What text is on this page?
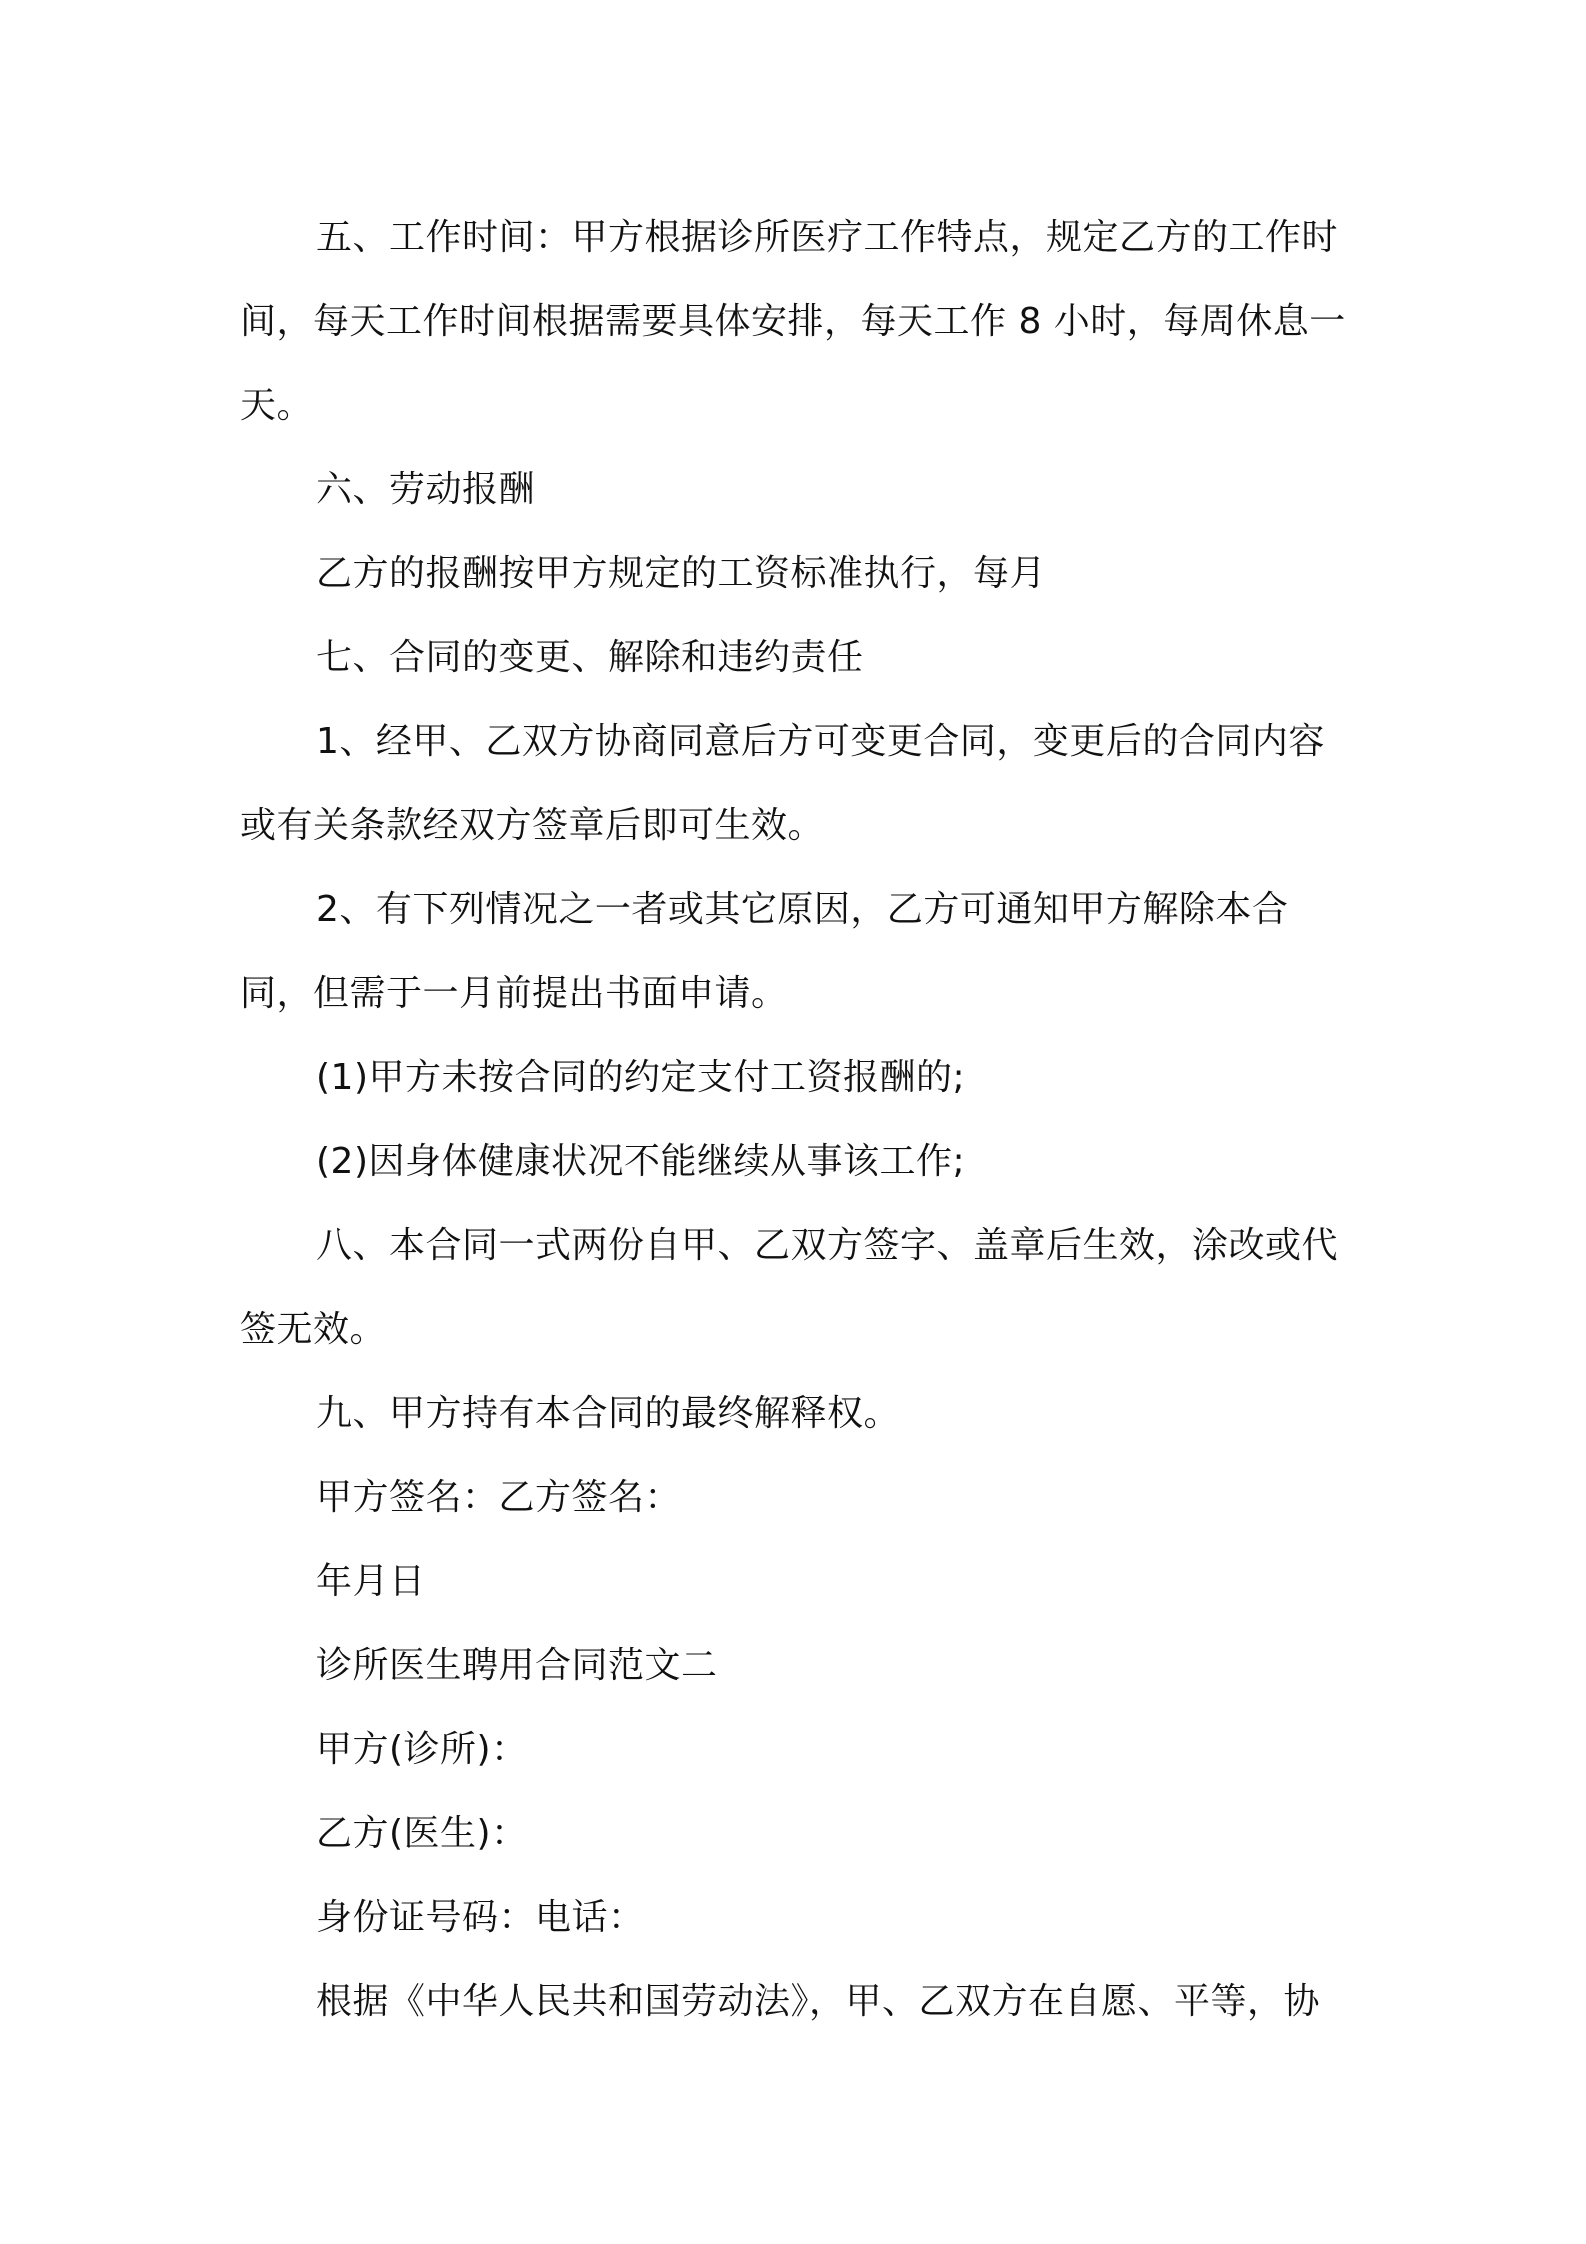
五、工作时间：甲方根据诊所医疗工作特点，规定乙方的工作时间，每天工作时间根据需要具体安排，每天工作 8 小时，每周休息一天。

六、劳动报酬

乙方的报酬按甲方规定的工资标准执行，每月

七、合同的变更、解除和违约责任

1、经甲、乙双方协商同意后方可变更合同，变更后的合同内容或有关条款经双方签章后即可生效。

2、有下列情况之一者或其它原因，乙方可通知甲方解除本合同，但需于一月前提出书面申请。

(1)甲方未按合同的约定支付工资报酬的;

(2)因身体健康状况不能继续从事该工作;

八、本合同一式两份自甲、乙双方签字、盖章后生效，涂改或代签无效。

九、甲方持有本合同的最终解释权。

甲方签名：乙方签名：

年月日

诊所医生聘用合同范文二

甲方(诊所)：

乙方(医生)：

身份证号码：电话：

根据《中华人民共和国劳动法》，甲、乙双方在自愿、平等，协
